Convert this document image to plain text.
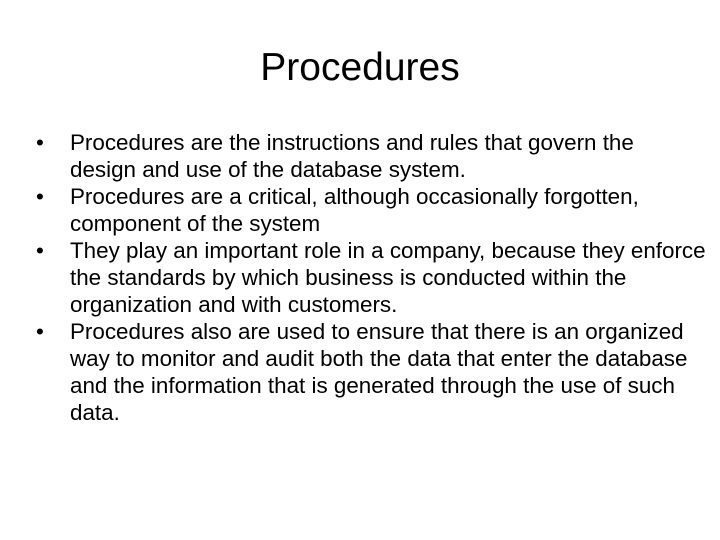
Procedures
•	Procedures are the instructions and rules that govern the design and use of the database system.
•	Procedures are a critical, although occasionally forgotten, component of the system
•	They play an important role in a company, because they enforce the standards by which business is conducted within the organization and with customers.
•	Procedures also are used to ensure that there is an organized way to monitor and audit both the data that enter the database and the information that is generated through the use of such data.
